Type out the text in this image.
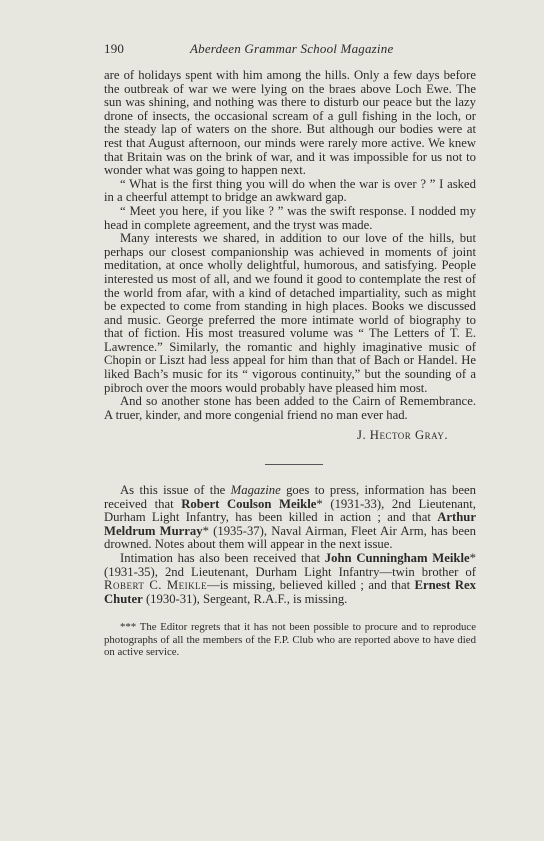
190	Aberdeen Grammar School Magazine

are of holidays spent with him among the hills. Only a few days before the outbreak of war we were lying on the braes above Loch Ewe. The sun was shining, and nothing was there to disturb our peace but the lazy drone of insects, the occasional scream of a gull fishing in the loch, or the steady lap of waters on the shore. But although our bodies were at rest that August afternoon, our minds were rarely more active. We knew that Britain was on the brink of war, and it was impossible for us not to wonder what was going to happen next.

“ What is the first thing you will do when the war is over ? ” I asked in a cheerful attempt to bridge an awkward gap.

“ Meet you here, if you like ? ” was the swift response. I nodded my head in complete agreement, and the tryst was made.

Many interests we shared, in addition to our love of the hills, but perhaps our closest companionship was achieved in moments of joint meditation, at once wholly delightful, humorous, and satisfying. People interested us most of all, and we found it good to contemplate the rest of the world from afar, with a kind of detached impartiality, such as might be expected to come from standing in high places. Books we discussed and music. George preferred the more intimate world of biography to that of fiction. His most treasured volume was “ The Letters of T. E. Lawrence.” Similarly, the romantic and highly imaginative music of Chopin or Liszt had less appeal for him than that of Bach or Handel. He liked Bach’s music for its “ vigorous continuity,” but the sounding of a pibroch over the moors would probably have pleased him most.

And so another stone has been added to the Cairn of Remembrance. A truer, kinder, and more congenial friend no man ever had.

J. Hector Gray.

As this issue of the Magazine goes to press, information has been received that Robert Coulson Meikle* (1931-33), 2nd Lieutenant, Durham Light Infantry, has been killed in action ; and that Arthur Meldrum Murray* (1935-37), Naval Airman, Fleet Air Arm, has been drowned. Notes about them will appear in the next issue.

Intimation has also been received that John Cunningham Meikle* (1931-35), 2nd Lieutenant, Durham Light Infantry—twin brother of Robert C. Meikle—is missing, believed killed ; and that Ernest Rex Chuter (1930-31), Sergeant, R.A.F., is missing.

*** The Editor regrets that it has not been possible to procure and to reproduce photographs of all the members of the F.P. Club who are reported above to have died on active service.
